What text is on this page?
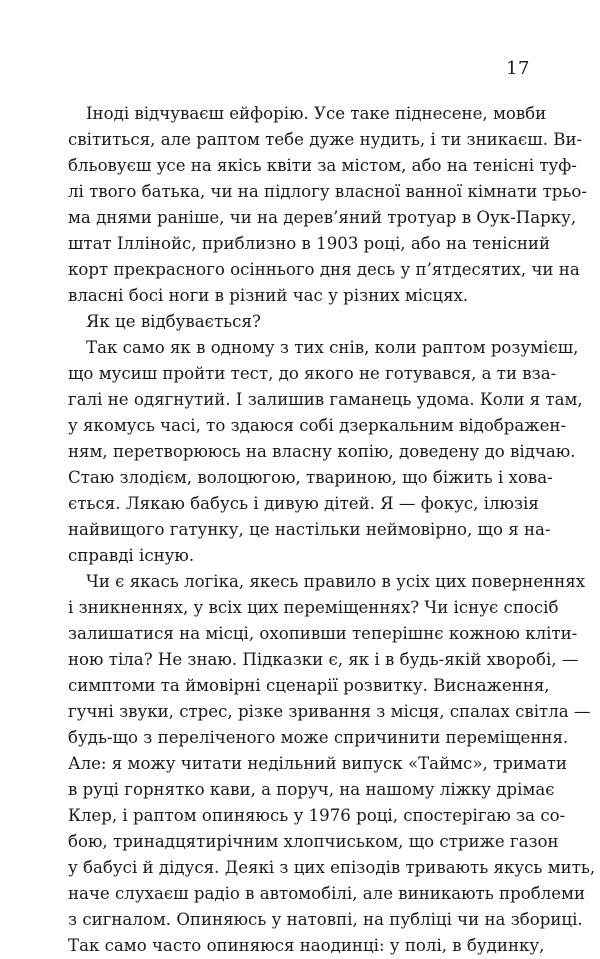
17
Іноді відчуваєш ейфорію. Усе таке піднесене, мовби
світиться, але раптом тебе дуже нудить, і ти зникаєш. Ви-
бльовуєш усе на якісь квіти за містом, або на тенісні туф-
лі твого батька, чи на підлогу власної ванної кімнати трьо-
ма днями раніше, чи на дерев’яний тротуар в Оук-Парку,
штат Іллінойс, приблизно в 1903 році, або на тенісний
корт прекрасного осіннього дня десь у п’ятдесятих, чи на
власні босі ноги в різний час у різних місцях.
Як це відбувається?
Так само як в одному з тих снів, коли раптом розумієш,
що мусиш пройти тест, до якого не готувався, а ти вза-
галі не одягнутий. І залишив гаманець удома. Коли я там,
у якомусь часі, то здаюся собі дзеркальним відображен-
ням, перетворююсь на власну копію, доведену до відчаю.
Стаю злодієм, волоцюгою, твариною, що біжить і хова-
ється. Лякаю бабусь і дивую дітей. Я — фокус, ілюзія
найвищого гатунку, це настільки неймовірно, що я на-
справді існую.
Чи є якась логіка, якесь правило в усіх цих поверненнях
і зникненнях, у всіх цих переміщеннях? Чи існує спосіб
залишатися на місці, охопивши теперішнє кожною кліти-
ною тіла? Не знаю. Підказки є, як і в будь-якій хворобі, —
симптоми та ймовірні сценарії розвитку. Виснаження,
гучні звуки, стрес, різке зривання з місця, спалах світла —
будь-що з переліченого може спричинити переміщення.
Але: я можу читати недільний випуск «Таймс», тримати
в руці горнятко кави, а поруч, на нашому ліжку дрімає
Клер, і раптом опиняюсь у 1976 році, спостерігаю за со-
бою, тринадцятирічним хлопчиськом, що стриже газон
у бабусі й дідуся. Деякі з цих епізодів тривають якусь мить,
наче слухаєш радіо в автомобілі, але виникають проблеми
з сигналом. Опиняюсь у натовпі, на публіці чи на збориці.
Так само часто опиняюся наодинці: у полі, в будинку,
